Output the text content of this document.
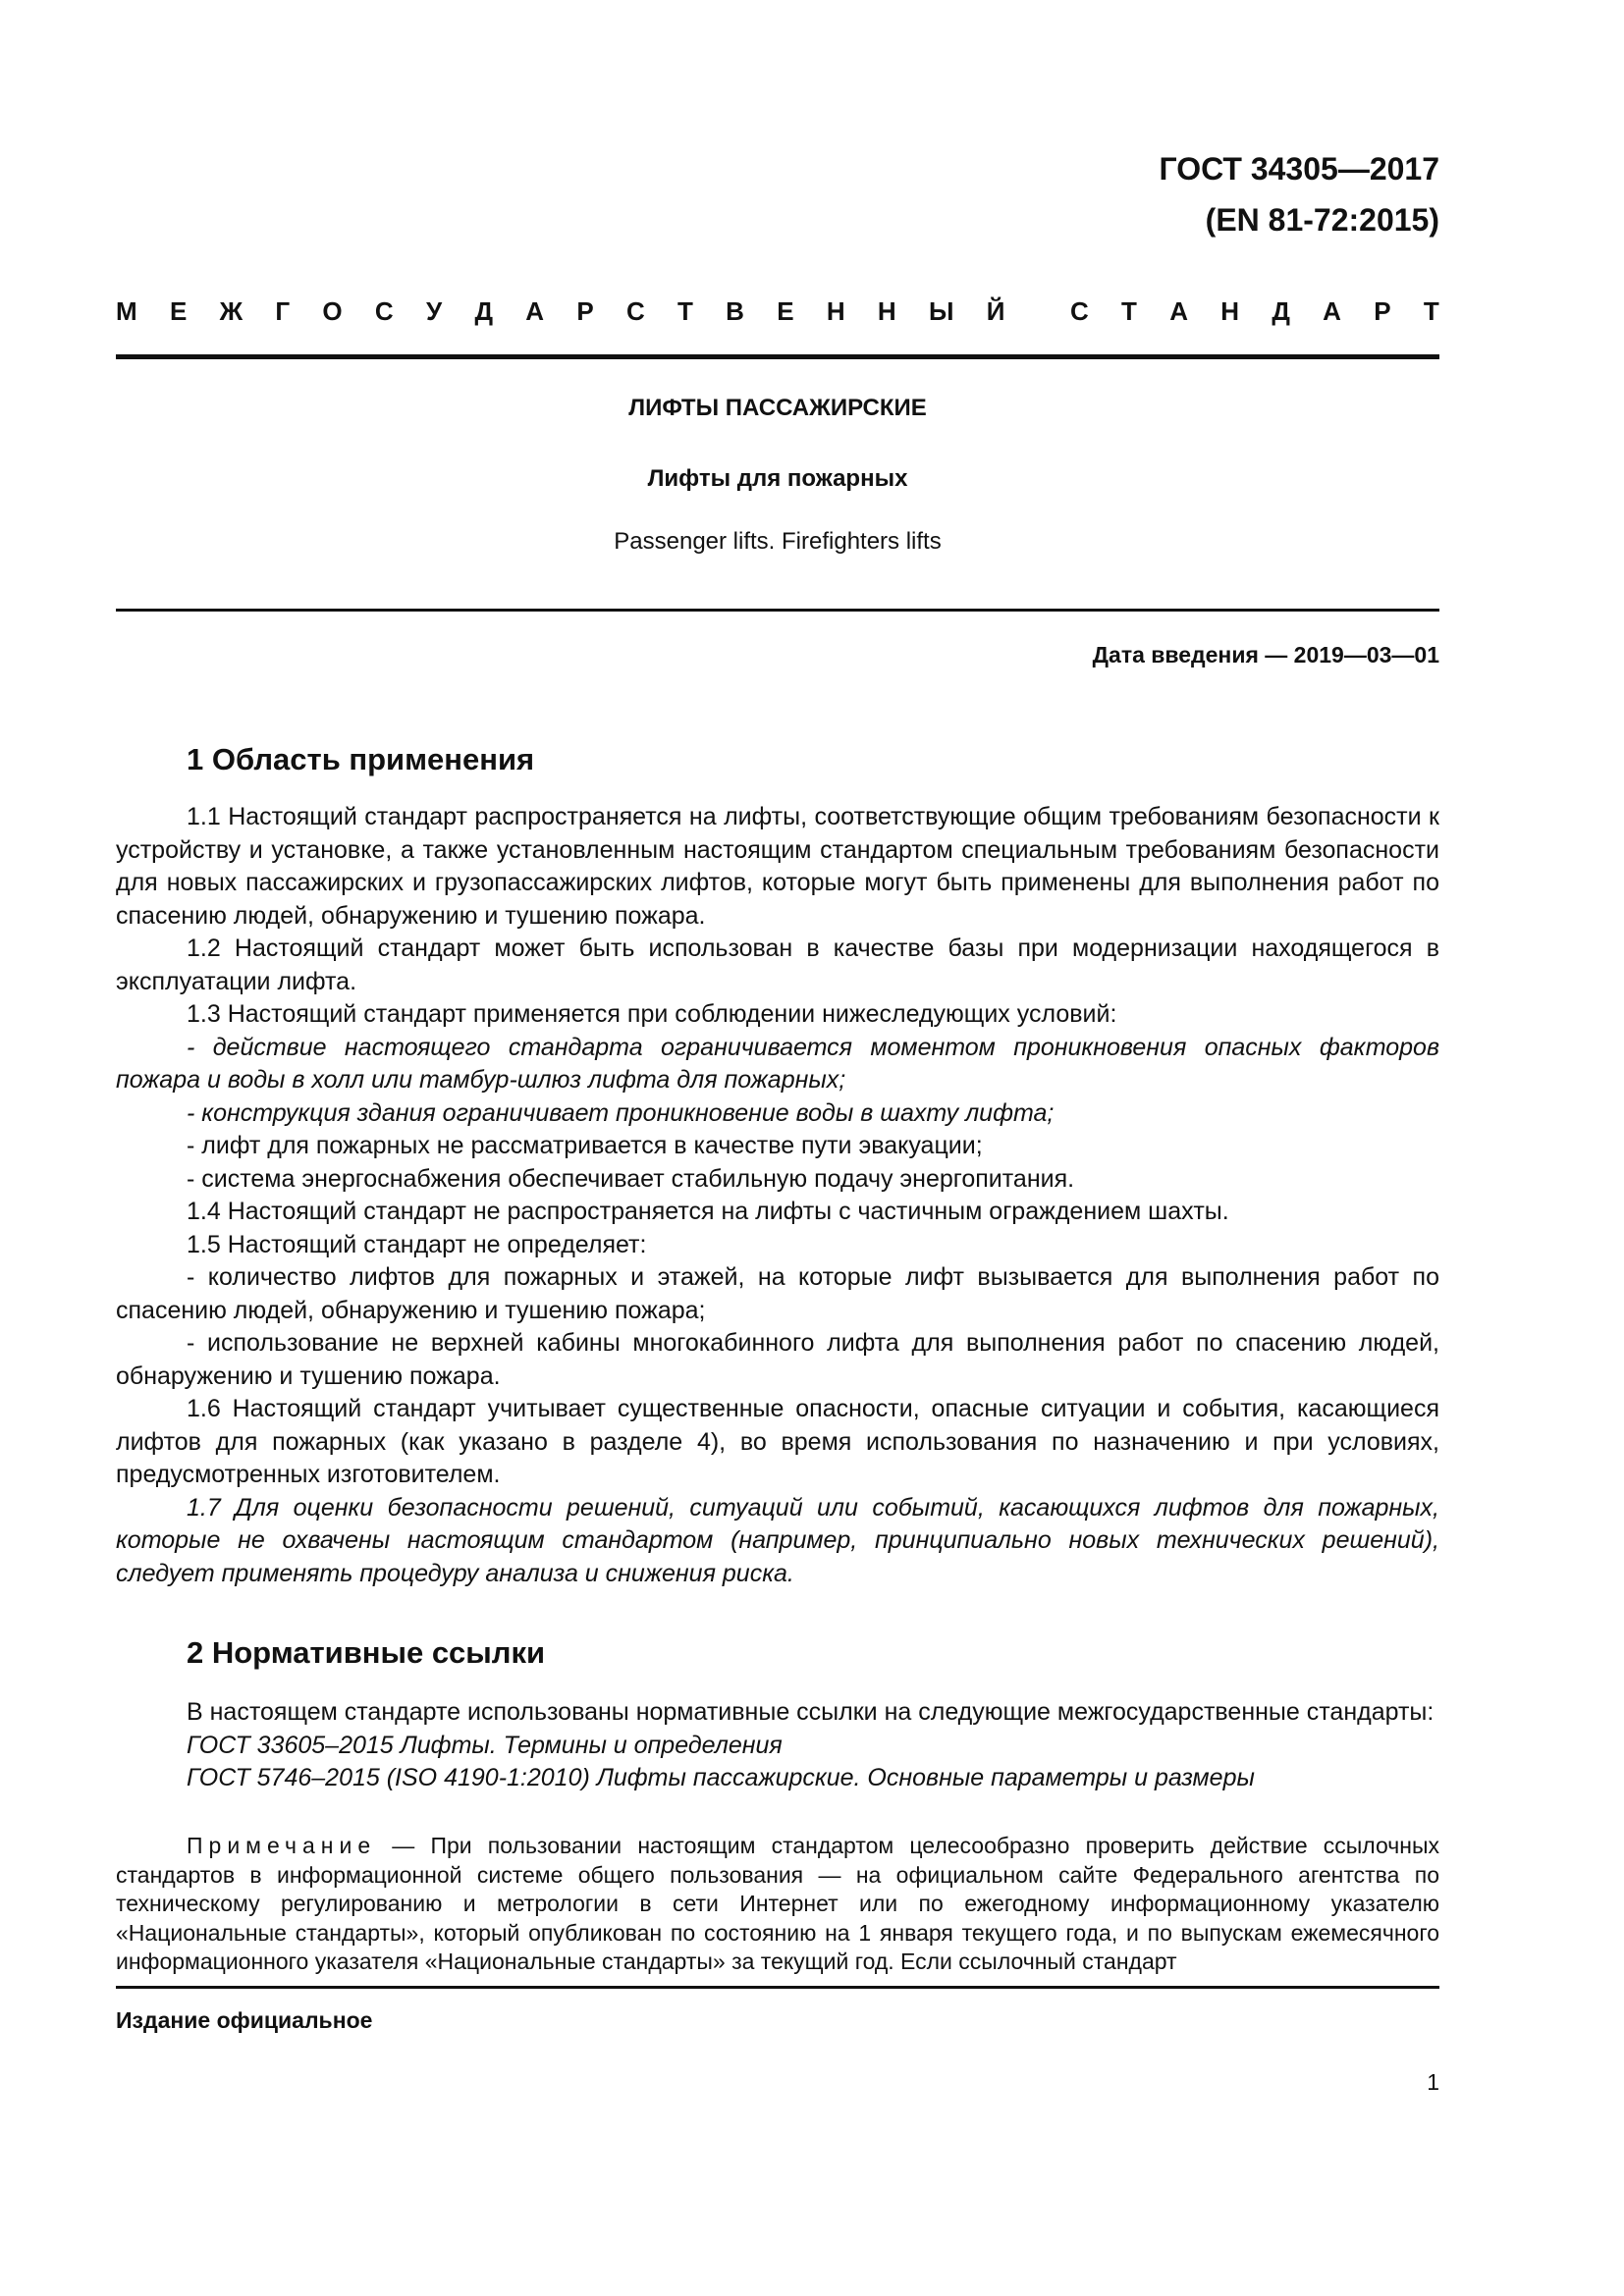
ГОСТ 34305—2017
(EN 81-72:2015)
М Е Ж Г О С У Д А Р С Т В Е Н Н Ы Й	С Т А Н Д А Р Т
ЛИФТЫ ПАССАЖИРСКИЕ
Лифты для пожарных
Passenger lifts. Firefighters lifts
Дата введения — 2019—03—01
1 Область применения

1.1 Настоящий стандарт распространяется на лифты, соответствующие общим требованиям безопасности к устройству и установке, а также установленным настоящим стандартом специальным требованиям безопасности для новых пассажирских и грузопассажирских лифтов, которые могут быть применены для выполнения работ по спасению людей, обнаружению и тушению пожара.

1.2 Настоящий стандарт может быть использован в качестве базы при модернизации находящегося в эксплуатации лифта.

1.3 Настоящий стандарт применяется при соблюдении нижеследующих условий:

- действие настоящего стандарта ограничивается моментом проникновения опасных факторов пожара и воды в холл или тамбур-шлюз лифта для пожарных;

- конструкция здания ограничивает проникновение воды в шахту лифта;

- лифт для пожарных не рассматривается в качестве пути эвакуации;

- система энергоснабжения обеспечивает стабильную подачу энергопитания.

1.4 Настоящий стандарт не распространяется на лифты с частичным ограждением шахты.

1.5 Настоящий стандарт не определяет:

- количество лифтов для пожарных и этажей, на которые лифт вызывается для выполнения работ по спасению людей, обнаружению и тушению пожара;

- использование не верхней кабины многокабинного лифта для выполнения работ по спасению людей, обнаружению и тушению пожара.

1.6 Настоящий стандарт учитывает существенные опасности, опасные ситуации и события, касающиеся лифтов для пожарных (как указано в разделе 4), во время использования по назначению и при условиях, предусмотренных изготовителем.

1.7 Для оценки безопасности решений, ситуаций или событий, касающихся лифтов для пожарных, которые не охвачены настоящим стандартом (например, принципиально новых технических решений), следует применять процедуру анализа и снижения риска.

2 Нормативные ссылки

В настоящем стандарте использованы нормативные ссылки на следующие межгосударственные стандарты:

ГОСТ 33605–2015 Лифты. Термины и определения

ГОСТ 5746–2015 (ISO 4190-1:2010) Лифты пассажирские. Основные параметры и размеры

Примечание — При пользовании настоящим стандартом целесообразно проверить действие ссылочных стандартов в информационной системе общего пользования — на официальном сайте Федерального агентства по техническому регулированию и метрологии в сети Интернет или по ежегодному информационному указателю «Национальные стандарты», который опубликован по состоянию на 1 января текущего года, и по выпускам ежемесячного информационного указателя «Национальные стандарты» за текущий год. Если ссылочный стандарт

Издание официальное
1
